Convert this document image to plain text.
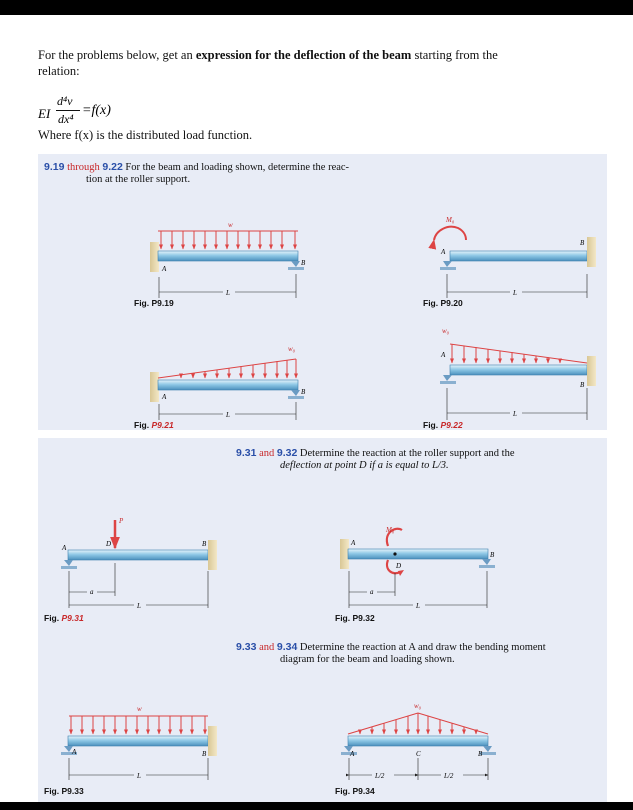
For the problems below, get an expression for the deflection of the beam starting from the
relation:
EI
d⁴v
dx⁴
=f(x)
Where f(x) is the distributed load function.
9.19 through 9.22 For the beam and loading shown, determine the reac-
tion at the roller support.
w
A
B
L
M₀
A
B
L
w₀
A
B
L
w₀
A
B
L
Fig. P9.19	Fig. P9.20
Fig. P9.21	Fig. P9.22
9.31 and 9.32 Determine the reaction at the roller support and the
deflection at point D if a is equal to L/3.
9.33 and 9.34 Determine the reaction at A and draw the bending moment
diagram for the beam and loading shown.
P
D
A	B
a
L
M₀
D
A
B
a
L
w
A	B
L
w₀
A	C	B
L/2	L/2
Fig. P9.31	Fig. P9.32
Fig. P9.33	Fig. P9.34
